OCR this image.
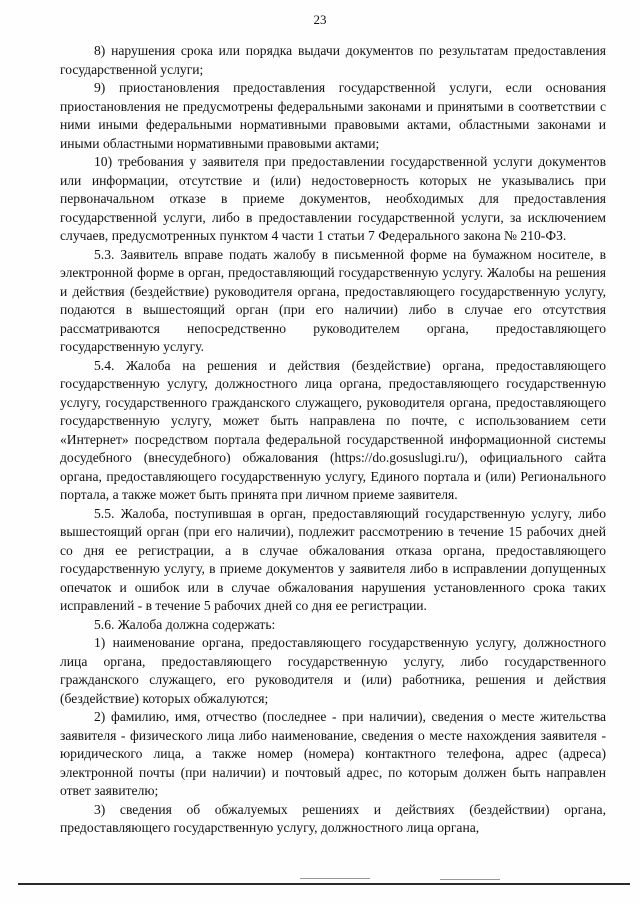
23

8) нарушения срока или порядка выдачи документов по результатам предоставления государственной услуги;

9) приостановления предоставления государственной услуги, если основания приостановления не предусмотрены федеральными законами и принятыми в соответствии с ними иными федеральными нормативными правовыми актами, областными законами и иными областными нормативными правовыми актами;

10) требования у заявителя при предоставлении государственной услуги документов или информации, отсутствие и (или) недостоверность которых не указывались при первоначальном отказе в приеме документов, необходимых для предоставления государственной услуги, либо в предоставлении государственной услуги, за исключением случаев, предусмотренных пунктом 4 части 1 статьи 7 Федерального закона № 210-ФЗ.

5.3. Заявитель вправе подать жалобу в письменной форме на бумажном носителе, в электронной форме в орган, предоставляющий государственную услугу. Жалобы на решения и действия (бездействие) руководителя органа, предоставляющего государственную услугу, подаются в вышестоящий орган (при его наличии) либо в случае его отсутствия рассматриваются непосредственно руководителем органа, предоставляющего государственную услугу.

5.4. Жалоба на решения и действия (бездействие) органа, предоставляющего государственную услугу, должностного лица органа, предоставляющего государственную услугу, государственного гражданского служащего, руководителя органа, предоставляющего государственную услугу, может быть направлена по почте, с использованием сети «Интернет» посредством портала федеральной государственной информационной системы досудебного (внесудебного) обжалования (https://do.gosuslugi.ru/), официального сайта органа, предоставляющего государственную услугу, Единого портала и (или) Регионального портала, а также может быть принята при личном приеме заявителя.

5.5. Жалоба, поступившая в орган, предоставляющий государственную услугу, либо вышестоящий орган (при его наличии), подлежит рассмотрению в течение 15 рабочих дней со дня ее регистрации, а в случае обжалования отказа органа, предоставляющего государственную услугу, в приеме документов у заявителя либо в исправлении допущенных опечаток и ошибок или в случае обжалования нарушения установленного срока таких исправлений - в течение 5 рабочих дней со дня ее регистрации.

5.6. Жалоба должна содержать:

1) наименование органа, предоставляющего государственную услугу, должностного лица органа, предоставляющего государственную услугу, либо государственного гражданского служащего, его руководителя и (или) работника, решения и действия (бездействие) которых обжалуются;

2) фамилию, имя, отчество (последнее - при наличии), сведения о месте жительства заявителя - физического лица либо наименование, сведения о месте нахождения заявителя - юридического лица, а также номер (номера) контактного телефона, адрес (адреса) электронной почты (при наличии) и почтовый адрес, по которым должен быть направлен ответ заявителю;

3) сведения об обжалуемых решениях и действиях (бездействии) органа, предоставляющего государственную услугу, должностного лица органа,
